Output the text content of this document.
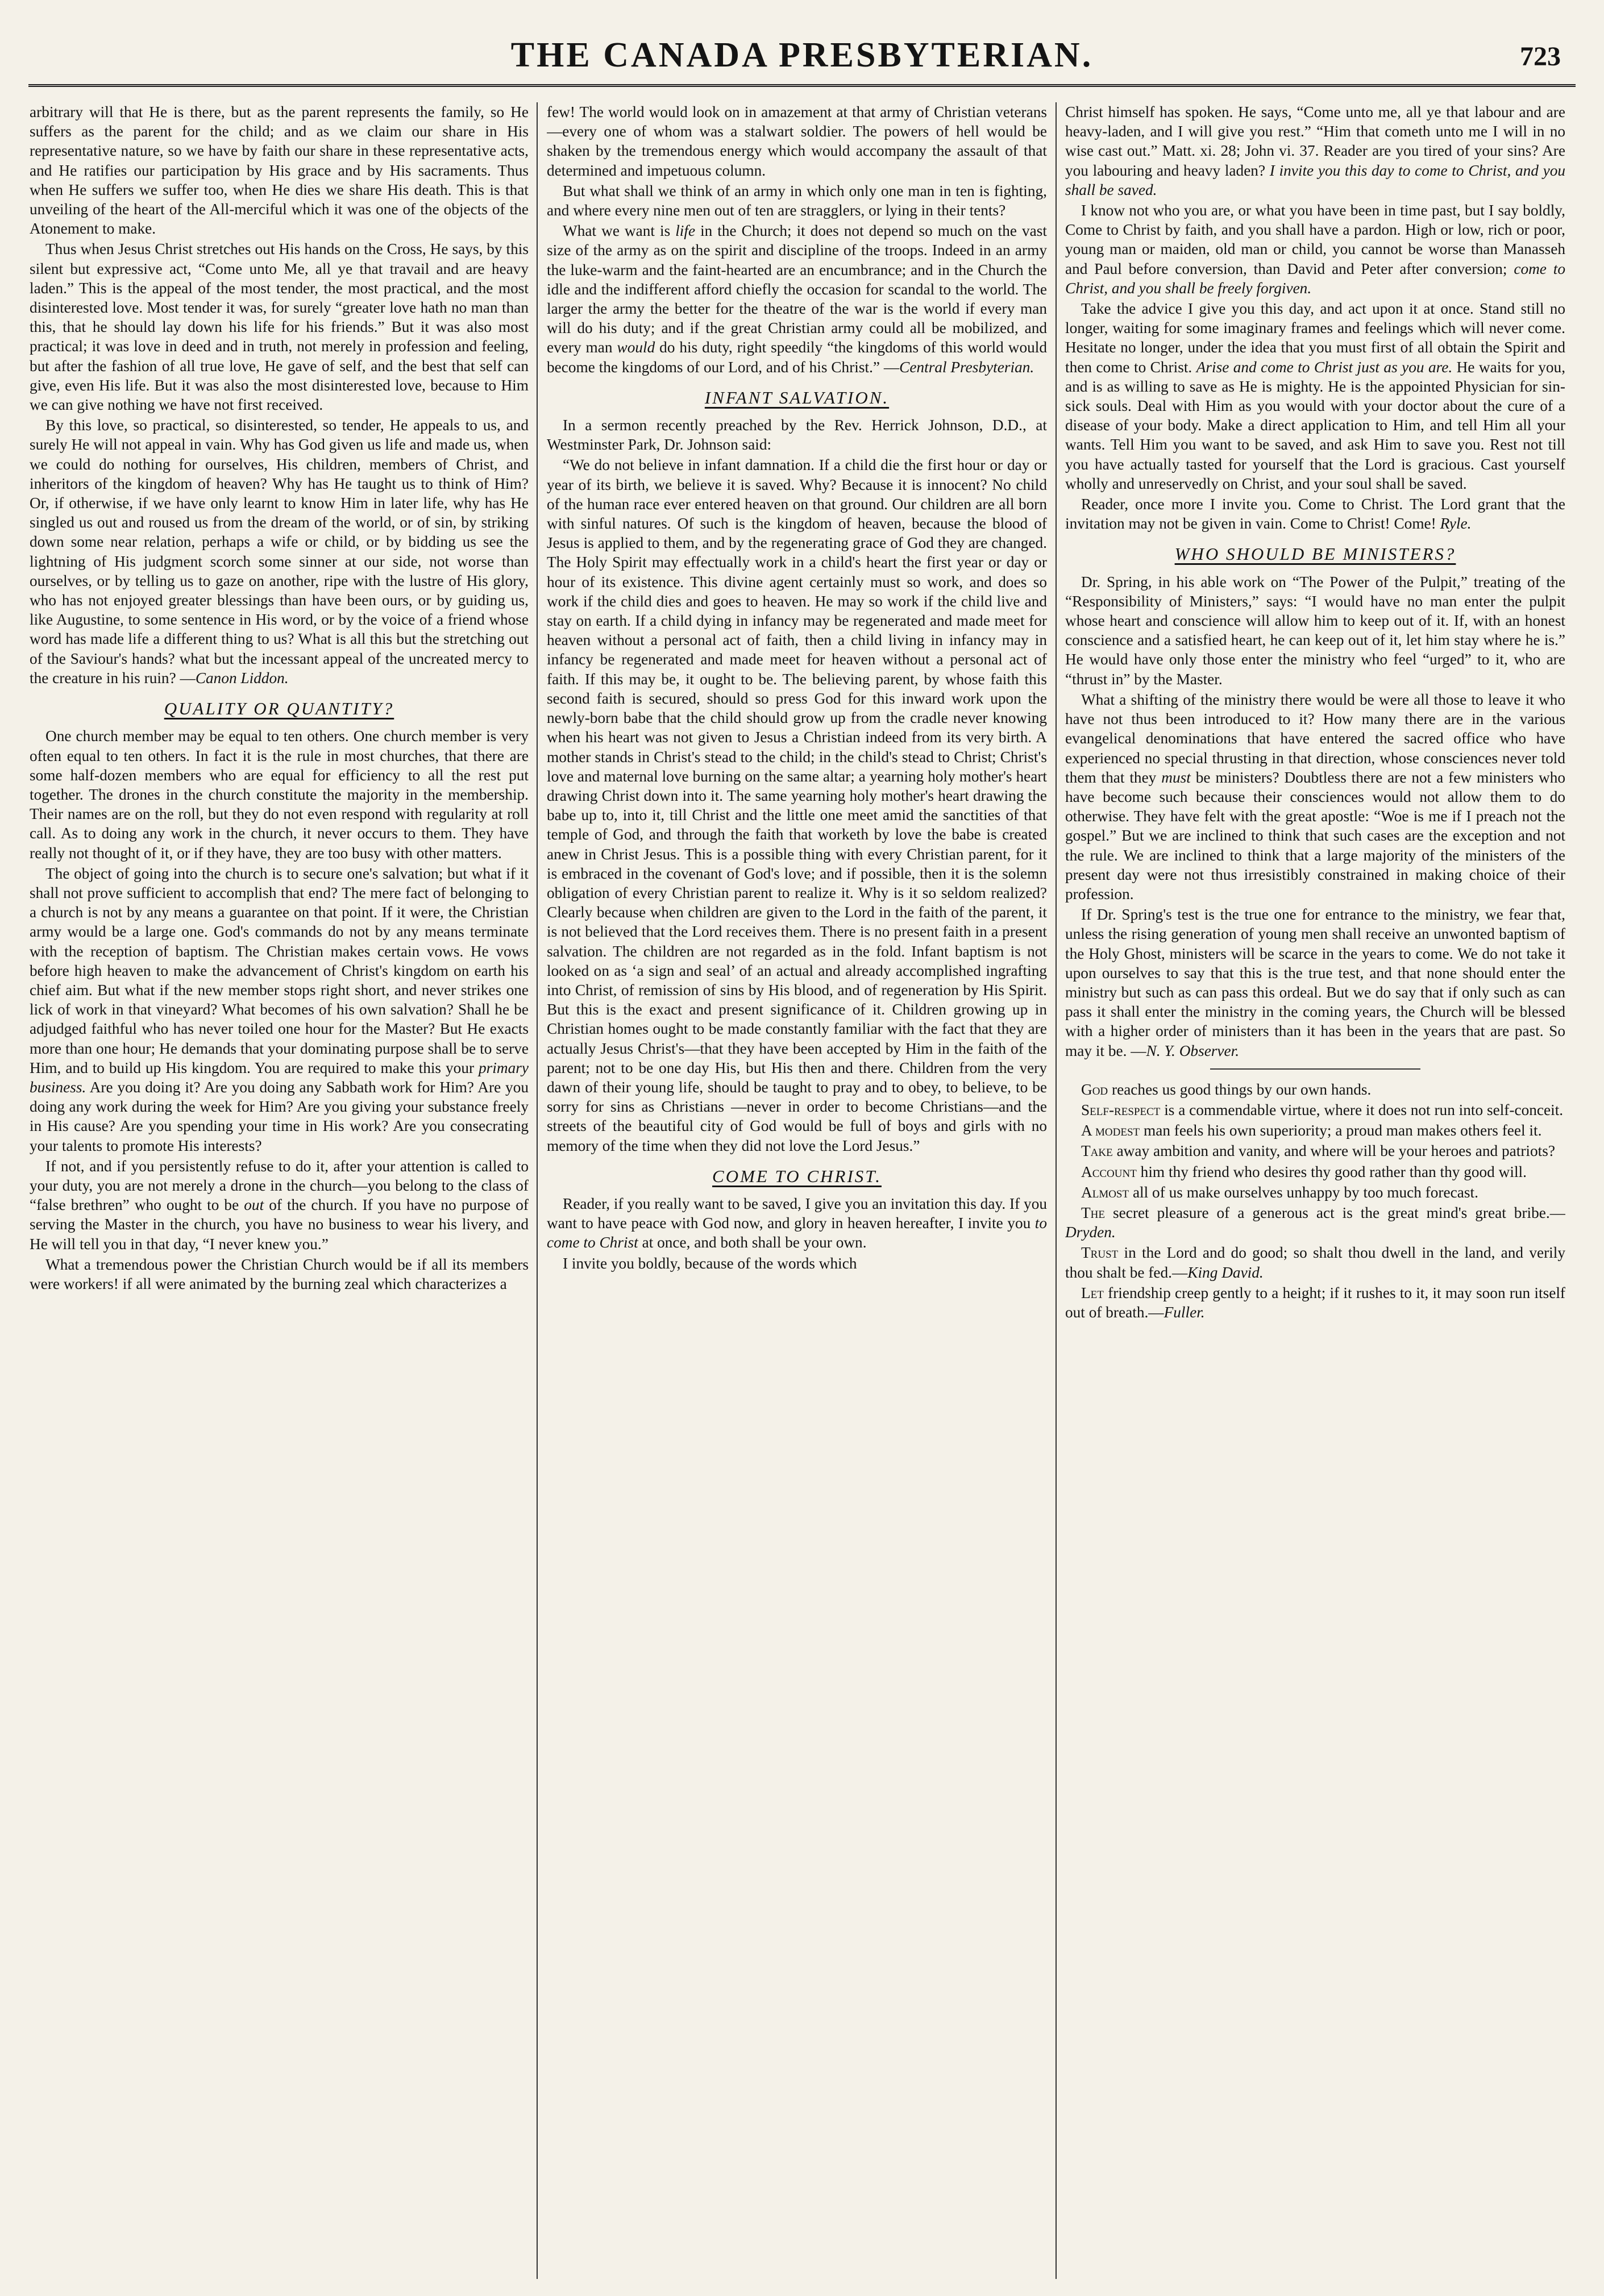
THE CANADA PRESBYTERIAN.	723

arbitrary will that He is there, but as the parent represents the family, so He suffers as the parent for the child; and as we claim our share in His representative nature, so we have by faith our share in these representative acts, and He ratifies our participation by His grace and by His sacraments. Thus when He suffers we suffer too, when He dies we share His death. This is that unveiling of the heart of the All-merciful which it was one of the objects of the Atonement to make.

Thus when Jesus Christ stretches out His hands on the Cross, He says, by this silent but expressive act, “Come unto Me, all ye that travail and are heavy laden.” This is the appeal of the most tender, the most practical, and the most disinterested love. Most tender it was, for surely “greater love hath no man than this, that he should lay down his life for his friends.” But it was also most practical; it was love in deed and in truth, not merely in profession and feeling, but after the fashion of all true love, He gave of self, and the best that self can give, even His life. But it was also the most disinterested love, because to Him we can give nothing we have not first received.

By this love, so practical, so disinterested, so tender, He appeals to us, and surely He will not appeal in vain. Why has God given us life and made us, when we could do nothing for ourselves, His children, members of Christ, and inheritors of the kingdom of heaven? Why has He taught us to think of Him? Or, if otherwise, if we have only learnt to know Him in later life, why has He singled us out and roused us from the dream of the world, or of sin, by striking down some near relation, perhaps a wife or child, or by bidding us see the lightning of His judgment scorch some sinner at our side, not worse than ourselves, or by telling us to gaze on another, ripe with the lustre of His glory, who has not enjoyed greater blessings than have been ours, or by guiding us, like Augustine, to some sentence in His word, or by the voice of a friend whose word has made life a different thing to us? What is all this but the stretching out of the Saviour's hands? what but the incessant appeal of the uncreated mercy to the creature in his ruin? —Canon Liddon.

QUALITY OR QUANTITY?

One church member may be equal to ten others. One church member is very often equal to ten others. In fact it is the rule in most churches, that there are some half-dozen members who are equal for efficiency to all the rest put together. The drones in the church constitute the majority in the membership. Their names are on the roll, but they do not even respond with regularity at roll call. As to doing any work in the church, it never occurs to them. They have really not thought of it, or if they have, they are too busy with other matters.

The object of going into the church is to secure one's salvation; but what if it shall not prove sufficient to accomplish that end? The mere fact of belonging to a church is not by any means a guarantee on that point. If it were, the Christian army would be a large one. God's commands do not by any means terminate with the reception of baptism. The Christian makes certain vows. He vows before high heaven to make the advancement of Christ's kingdom on earth his chief aim. But what if the new member stops right short, and never strikes one lick of work in that vineyard? What becomes of his own salvation? Shall he be adjudged faithful who has never toiled one hour for the Master? But He exacts more than one hour; He demands that your dominating purpose shall be to serve Him, and to build up His kingdom. You are required to make this your primary business. Are you doing it? Are you doing any Sabbath work for Him? Are you doing any work during the week for Him? Are you giving your substance freely in His cause? Are you spending your time in His work? Are you consecrating your talents to promote His interests?

If not, and if you persistently refuse to do it, after your attention is called to your duty, you are not merely a drone in the church—you belong to the class of “false brethren” who ought to be out of the church. If you have no purpose of serving the Master in the church, you have no business to wear his livery, and He will tell you in that day, “I never knew you.”

What a tremendous power the Christian Church would be if all its members were workers! if all were animated by the burning zeal which characterizes a

few! The world would look on in amazement at that army of Christian veterans—every one of whom was a stalwart soldier. The powers of hell would be shaken by the tremendous energy which would accompany the assault of that determined and impetuous column.

But what shall we think of an army in which only one man in ten is fighting, and where every nine men out of ten are stragglers, or lying in their tents?

What we want is life in the Church; it does not depend so much on the vast size of the army as on the spirit and discipline of the troops. Indeed in an army the luke-warm and the faint-hearted are an encumbrance; and in the Church the idle and the indifferent afford chiefly the occasion for scandal to the world. The larger the army the better for the theatre of the war is the world if every man will do his duty; and if the great Christian army could all be mobilized, and every man would do his duty, right speedily “the kingdoms of this world would become the kingdoms of our Lord, and of his Christ.” —Central Presbyterian.

INFANT SALVATION.

In a sermon recently preached by the Rev. Herrick Johnson, D.D., at Westminster Park, Dr. Johnson said:

“We do not believe in infant damnation. If a child die the first hour or day or year of its birth, we believe it is saved. Why? Because it is innocent? No child of the human race ever entered heaven on that ground. Our children are all born with sinful natures. Of such is the kingdom of heaven, because the blood of Jesus is applied to them, and by the regenerating grace of God they are changed. The Holy Spirit may effectually work in a child's heart the first year or day or hour of its existence. This divine agent certainly must so work, and does so work if the child dies and goes to heaven. He may so work if the child live and stay on earth. If a child dying in infancy may be regenerated and made meet for heaven without a personal act of faith, then a child living in infancy may in infancy be regenerated and made meet for heaven without a personal act of faith. If this may be, it ought to be. The believing parent, by whose faith this second faith is secured, should so press God for this inward work upon the newly-born babe that the child should grow up from the cradle never knowing when his heart was not given to Jesus a Christian indeed from its very birth. A mother stands in Christ's stead to the child; in the child's stead to Christ; Christ's love and maternal love burning on the same altar; a yearning holy mother's heart drawing Christ down into it. The same yearning holy mother's heart drawing the babe up to, into it, till Christ and the little one meet amid the sanctities of that temple of God, and through the faith that worketh by love the babe is created anew in Christ Jesus. This is a possible thing with every Christian parent, for it is embraced in the covenant of God's love; and if possible, then it is the solemn obligation of every Christian parent to realize it. Why is it so seldom realized? Clearly because when children are given to the Lord in the faith of the parent, it is not believed that the Lord receives them. There is no present faith in a present salvation. The children are not regarded as in the fold. Infant baptism is not looked on as ‘a sign and seal’ of an actual and already accomplished ingrafting into Christ, of remission of sins by His blood, and of regeneration by His Spirit. But this is the exact and present significance of it. Children growing up in Christian homes ought to be made constantly familiar with the fact that they are actually Jesus Christ's—that they have been accepted by Him in the faith of the parent; not to be one day His, but His then and there. Children from the very dawn of their young life, should be taught to pray and to obey, to believe, to be sorry for sins as Christians —never in order to become Christians—and the streets of the beautiful city of God would be full of boys and girls with no memory of the time when they did not love the Lord Jesus.”

COME TO CHRIST.

Reader, if you really want to be saved, I give you an invitation this day. If you want to have peace with God now, and glory in heaven hereafter, I invite you to come to Christ at once, and both shall be your own.

I invite you boldly, because of the words which

Christ himself has spoken. He says, “Come unto me, all ye that labour and are heavy-laden, and I will give you rest.” “Him that cometh unto me I will in no wise cast out.” Matt. xi. 28; John vi. 37. Reader are you tired of your sins? Are you labouring and heavy laden? I invite you this day to come to Christ, and you shall be saved.

I know not who you are, or what you have been in time past, but I say boldly, Come to Christ by faith, and you shall have a pardon. High or low, rich or poor, young man or maiden, old man or child, you cannot be worse than Manasseh and Paul before conversion, than David and Peter after conversion; come to Christ, and you shall be freely forgiven.

Take the advice I give you this day, and act upon it at once. Stand still no longer, waiting for some imaginary frames and feelings which will never come. Hesitate no longer, under the idea that you must first of all obtain the Spirit and then come to Christ. Arise and come to Christ just as you are. He waits for you, and is as willing to save as He is mighty. He is the appointed Physician for sin-sick souls. Deal with Him as you would with your doctor about the cure of a disease of your body. Make a direct application to Him, and tell Him all your wants. Tell Him you want to be saved, and ask Him to save you. Rest not till you have actually tasted for yourself that the Lord is gracious. Cast yourself wholly and unreservedly on Christ, and your soul shall be saved.

Reader, once more I invite you. Come to Christ. The Lord grant that the invitation may not be given in vain. Come to Christ! Come! Ryle.

WHO SHOULD BE MINISTERS?

Dr. Spring, in his able work on “The Power of the Pulpit,” treating of the “Responsibility of Ministers,” says: “I would have no man enter the pulpit whose heart and conscience will allow him to keep out of it. If, with an honest conscience and a satisfied heart, he can keep out of it, let him stay where he is.” He would have only those enter the ministry who feel “urged” to it, who are “thrust in” by the Master.

What a shifting of the ministry there would be were all those to leave it who have not thus been introduced to it? How many there are in the various evangelical denominations that have entered the sacred office who have experienced no special thrusting in that direction, whose consciences never told them that they must be ministers? Doubtless there are not a few ministers who have become such because their consciences would not allow them to do otherwise. They have felt with the great apostle: “Woe is me if I preach not the gospel.” But we are inclined to think that such cases are the exception and not the rule. We are inclined to think that a large majority of the ministers of the present day were not thus irresistibly constrained in making choice of their profession.

If Dr. Spring's test is the true one for entrance to the ministry, we fear that, unless the rising generation of young men shall receive an unwonted baptism of the Holy Ghost, ministers will be scarce in the years to come. We do not take it upon ourselves to say that this is the true test, and that none should enter the ministry but such as can pass this ordeal. But we do say that if only such as can pass it shall enter the ministry in the coming years, the Church will be blessed with a higher order of ministers than it has been in the years that are past. So may it be. —N. Y. Observer.

God reaches us good things by our own hands.

Self-respect is a commendable virtue, where it does not run into self-conceit.

A modest man feels his own superiority; a proud man makes others feel it.

Take away ambition and vanity, and where will be your heroes and patriots?

Account him thy friend who desires thy good rather than thy good will.

Almost all of us make ourselves unhappy by too much forecast.

The secret pleasure of a generous act is the great mind's great bribe.—Dryden.

Trust in the Lord and do good; so shalt thou dwell in the land, and verily thou shalt be fed.—King David.

Let friendship creep gently to a height; if it rushes to it, it may soon run itself out of breath.—Fuller.
